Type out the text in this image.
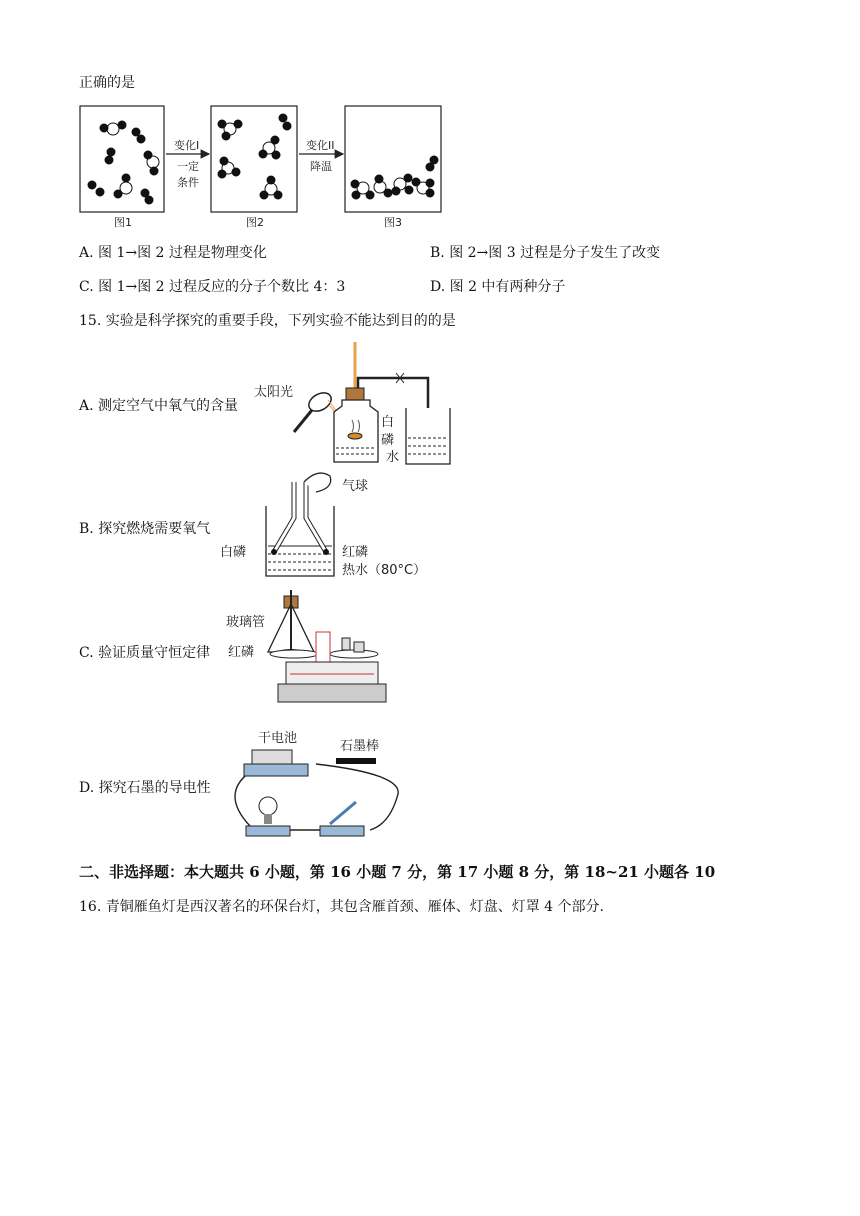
正确的是
图1	图2	图3
变化I
一定
条件
变化II
降温
A. 图 1→图 2 过程是物理变化	B. 图 2→图 3 过程是分子发生了改变
C. 图 1→图 2 过程反应的分子个数比 4：3	D. 图 2 中有两种分子
15. 实验是科学探究的重要手段，下列实验不能达到目的的是
A. 测定空气中氧气的含量
太阳光
白
磷
水
B. 探究燃烧需要氧气
气球
白磷	红磷
热水（80°C）
C. 验证质量守恒定律
玻璃管
红磷
D. 探究石墨的导电性
干电池
石墨棒
二、非选择题：本大题共 6 小题，第 16 小题 7 分，第 17 小题 8 分，第 18~21 小题各 10
16. 青铜雁鱼灯是西汉著名的环保台灯，其包含雁首颈、雁体、灯盘、灯罩 4 个部分.
